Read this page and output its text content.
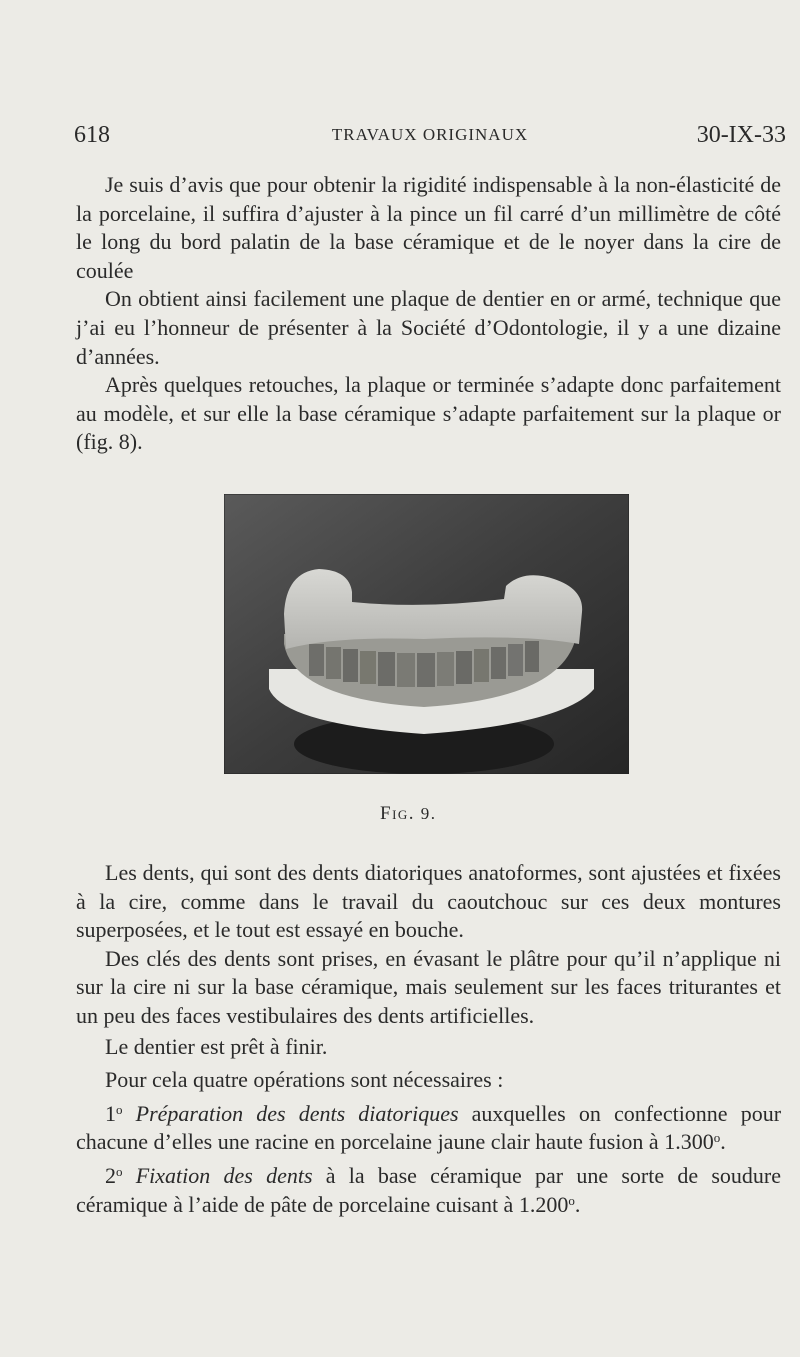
618	TRAVAUX ORIGINAUX	30-IX-33

Je suis d’avis que pour obtenir la rigidité indispensable à la non-élasticité de la porcelaine, il suffira d’ajuster à la pince un fil carré d’un millimètre de côté le long du bord palatin de la base céramique et de le noyer dans la cire de coulée

On obtient ainsi facilement une plaque de dentier en or armé, technique que j’ai eu l’honneur de présenter à la Société d’Odontologie, il y a une dizaine d’années.

Après quelques retouches, la plaque or terminée s’adapte donc parfaitement au modèle, et sur elle la base céramique s’adapte parfaitement sur la plaque or (fig. 8).

Fig. 9.

Les dents, qui sont des dents diatoriques anatoformes, sont ajustées et fixées à la cire, comme dans le travail du caoutchouc sur ces deux montures superposées, et le tout est essayé en bouche.

Des clés des dents sont prises, en évasant le plâtre pour qu’il n’applique ni sur la cire ni sur la base céramique, mais seulement sur les faces triturantes et un peu des faces vestibulaires des dents artificielles.

Le dentier est prêt à finir.

Pour cela quatre opérations sont nécessaires :

1$^o$ Préparation des dents diatoriques auxquelles on confectionne pour chacune d’elles une racine en porcelaine jaune clair haute fusion à 1.300$^o$.

2$^o$ Fixation des dents à la base céramique par une sorte de soudure céramique à l’aide de pâte de porcelaine cuisant à 1.200$^o$.
